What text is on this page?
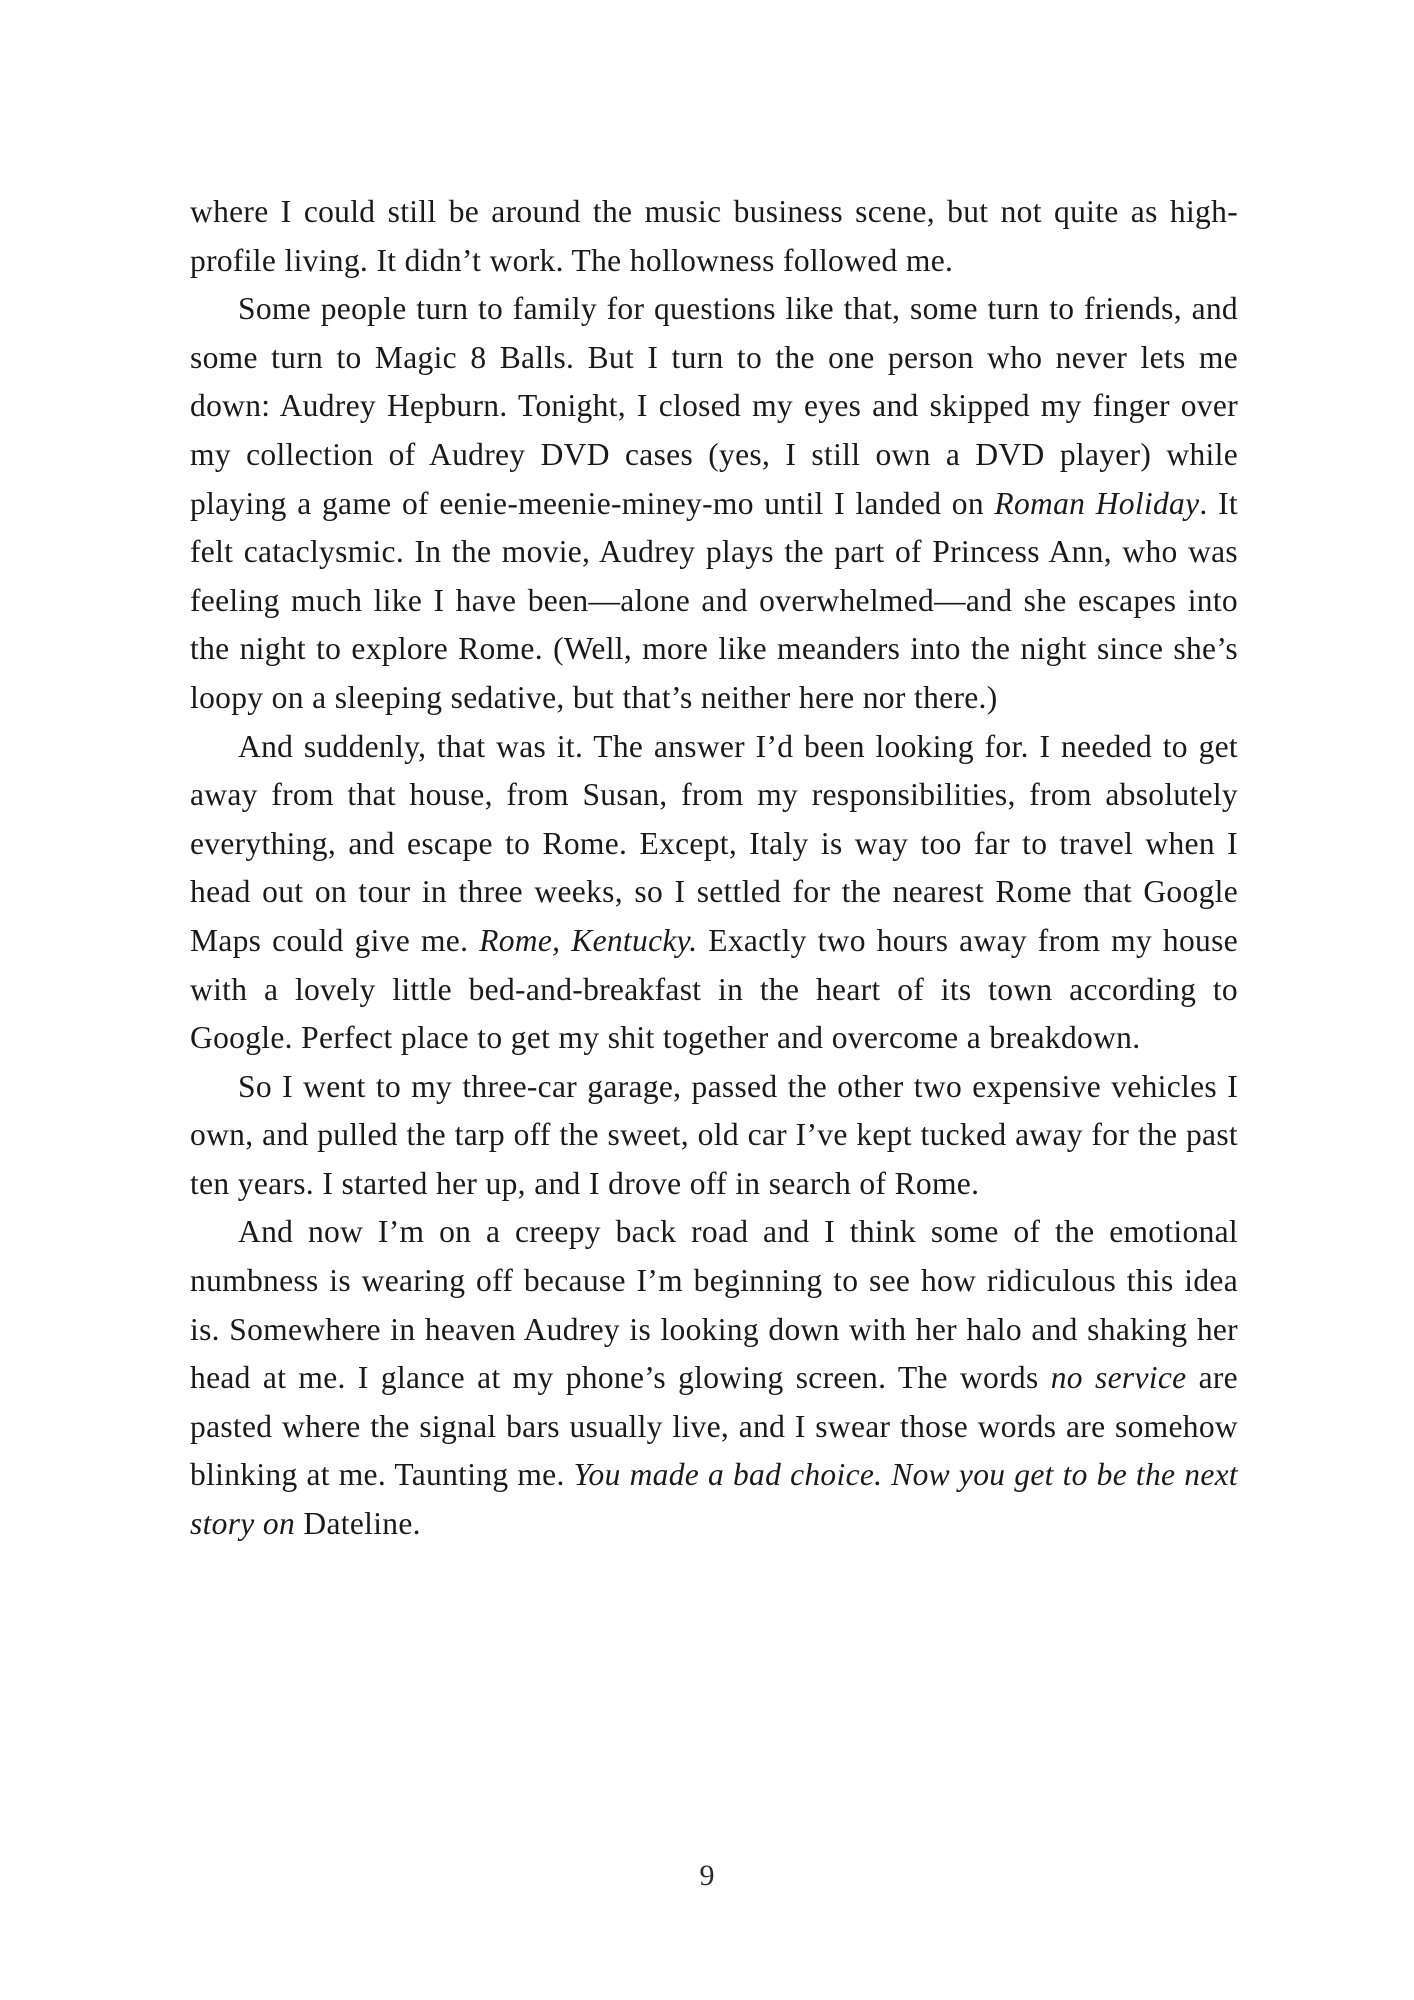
where I could still be around the music business scene, but not quite as high-profile living. It didn’t work. The hollowness followed me.

Some people turn to family for questions like that, some turn to friends, and some turn to Magic 8 Balls. But I turn to the one person who never lets me down: Audrey Hepburn. Tonight, I closed my eyes and skipped my finger over my collection of Audrey DVD cases (yes, I still own a DVD player) while playing a game of eenie-meenie-miney-mo until I landed on Roman Holiday. It felt cataclysmic. In the movie, Audrey plays the part of Princess Ann, who was feeling much like I have been—alone and overwhelmed—and she escapes into the night to explore Rome. (Well, more like meanders into the night since she’s loopy on a sleeping sedative, but that’s neither here nor there.)

And suddenly, that was it. The answer I’d been looking for. I needed to get away from that house, from Susan, from my responsibilities, from absolutely everything, and escape to Rome. Except, Italy is way too far to travel when I head out on tour in three weeks, so I settled for the nearest Rome that Google Maps could give me. Rome, Kentucky. Exactly two hours away from my house with a lovely little bed-and-breakfast in the heart of its town according to Google. Perfect place to get my shit together and overcome a breakdown.

So I went to my three-car garage, passed the other two expensive vehicles I own, and pulled the tarp off the sweet, old car I’ve kept tucked away for the past ten years. I started her up, and I drove off in search of Rome.

And now I’m on a creepy back road and I think some of the emotional numbness is wearing off because I’m beginning to see how ridiculous this idea is. Somewhere in heaven Audrey is looking down with her halo and shaking her head at me. I glance at my phone’s glowing screen. The words no service are pasted where the signal bars usually live, and I swear those words are somehow blinking at me. Taunting me. You made a bad choice. Now you get to be the next story on Dateline.

9
